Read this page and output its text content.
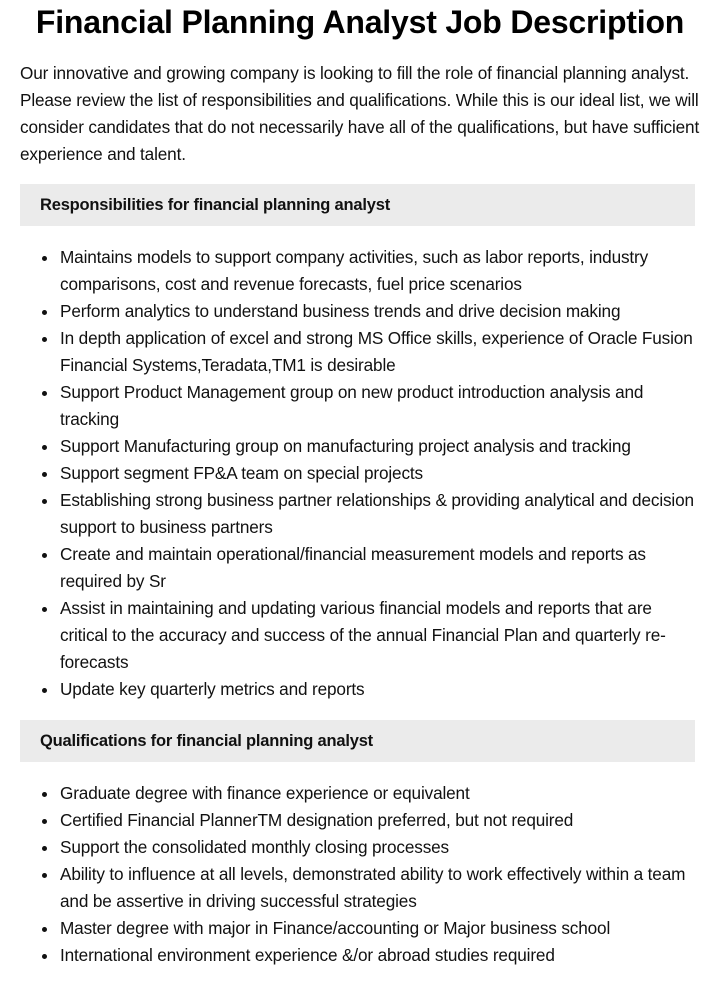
Financial Planning Analyst Job Description

Our innovative and growing company is looking to fill the role of financial planning analyst. Please review the list of responsibilities and qualifications. While this is our ideal list, we will consider candidates that do not necessarily have all of the qualifications, but have sufficient experience and talent.

Responsibilities for financial planning analyst
Maintains models to support company activities, such as labor reports, industry comparisons, cost and revenue forecasts, fuel price scenarios
Perform analytics to understand business trends and drive decision making
In depth application of excel and strong MS Office skills, experience of Oracle Fusion Financial Systems,Teradata,TM1 is desirable
Support Product Management group on new product introduction analysis and tracking
Support Manufacturing group on manufacturing project analysis and tracking
Support segment FP&A team on special projects
Establishing strong business partner relationships & providing analytical and decision support to business partners
Create and maintain operational/financial measurement models and reports as required by Sr
Assist in maintaining and updating various financial models and reports that are critical to the accuracy and success of the annual Financial Plan and quarterly re-forecasts
Update key quarterly metrics and reports
Qualifications for financial planning analyst
Graduate degree with finance experience or equivalent
Certified Financial PlannerTM designation preferred, but not required
Support the consolidated monthly closing processes
Ability to influence at all levels, demonstrated ability to work effectively within a team and be assertive in driving successful strategies
Master degree with major in Finance/accounting or Major business school
International environment experience &/or abroad studies required
